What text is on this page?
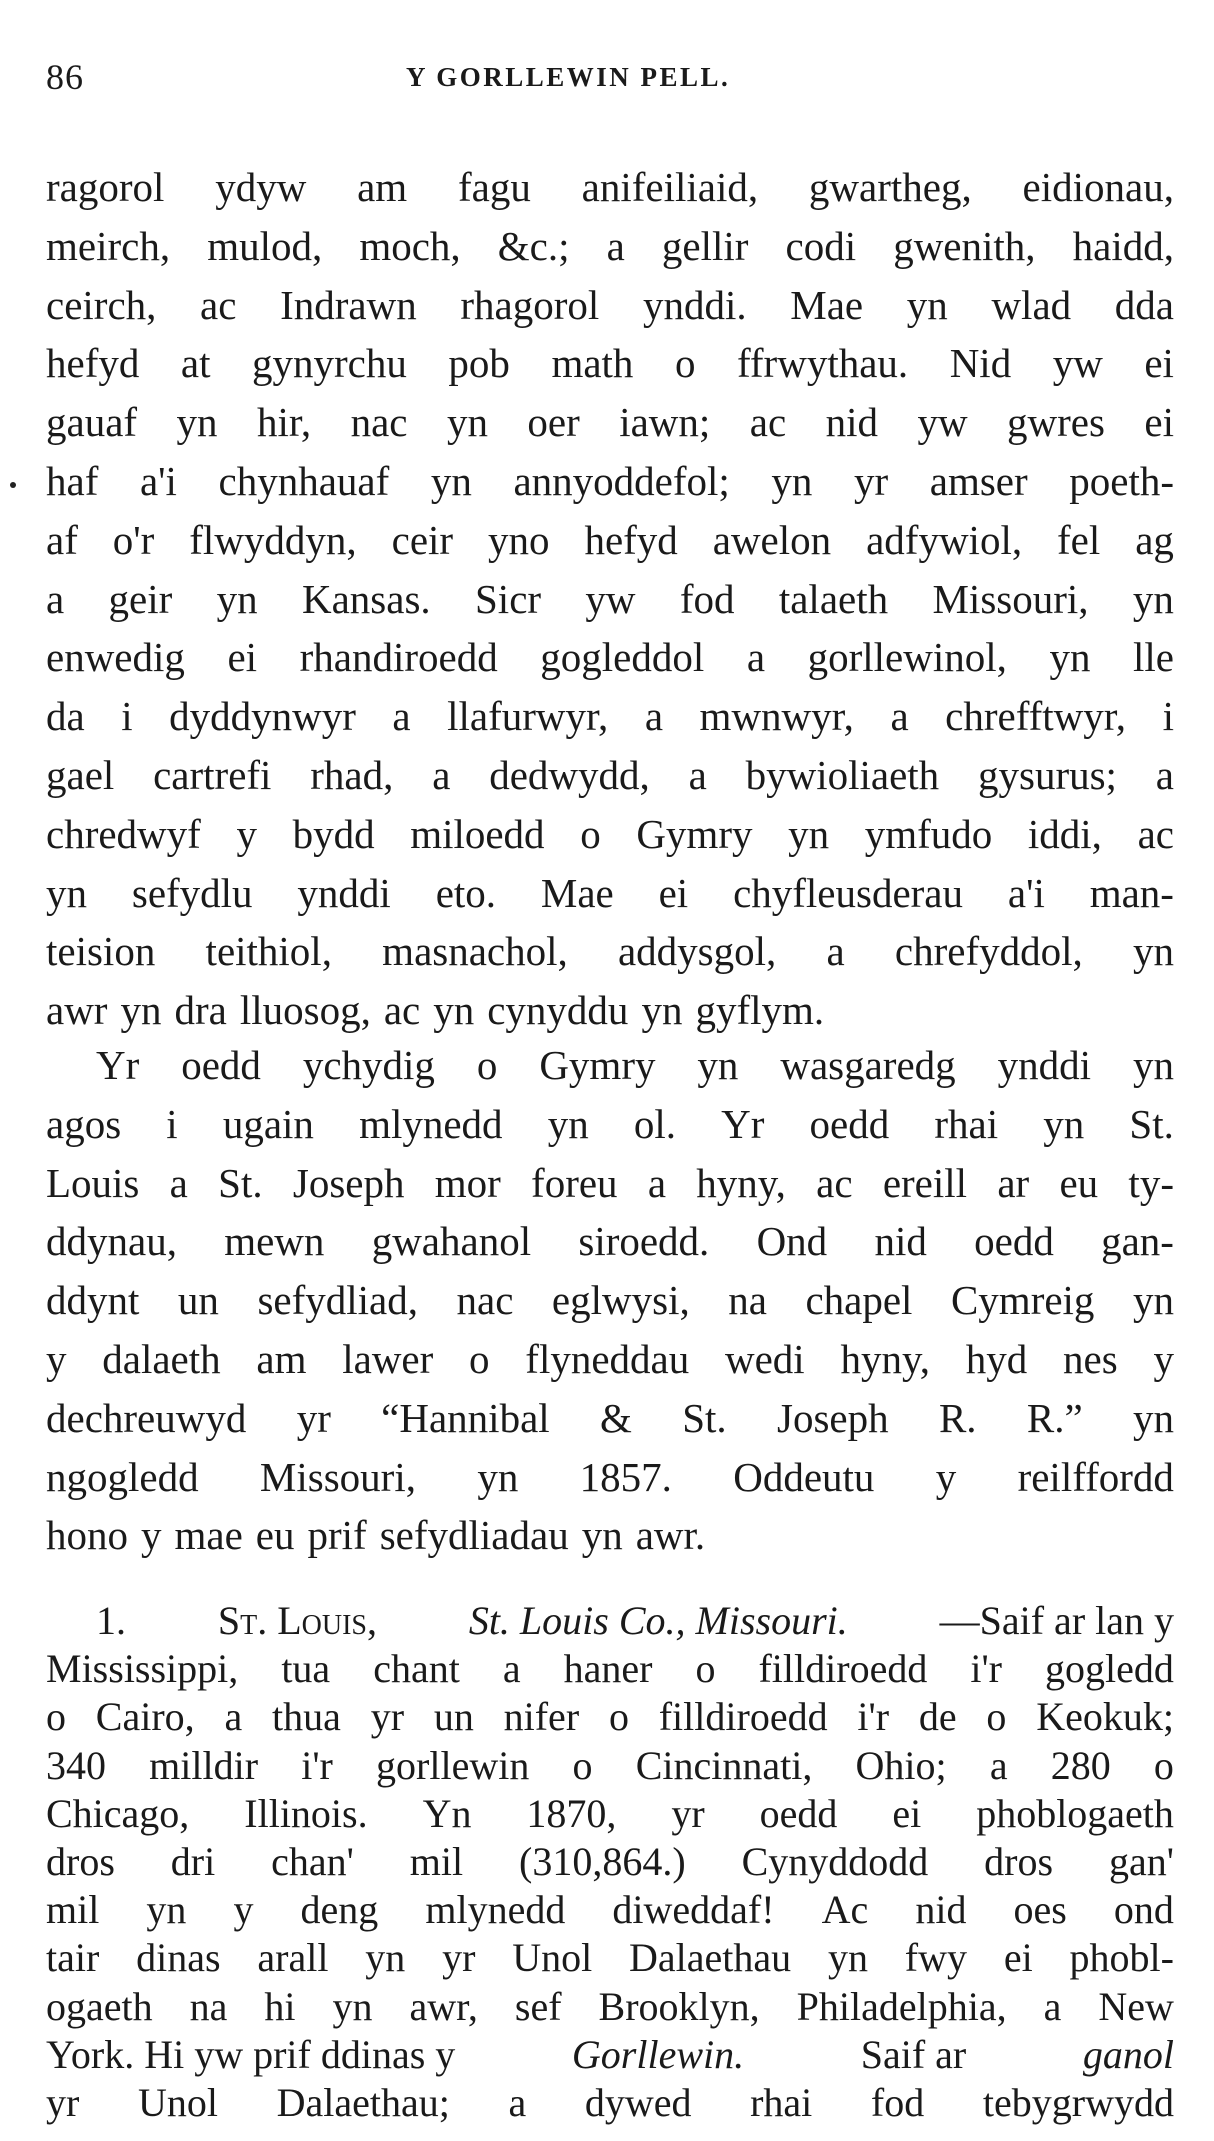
86	Y GORLLEWIN PELL.
ragorol ydyw am fagu anifeiliaid, gwartheg, eidionau,
meirch, mulod, moch, &c.; a gellir codi gwenith, haidd,
ceirch, ac Indrawn rhagorol ynddi. Mae yn wlad dda
hefyd at gynyrchu pob math o ffrwythau. Nid yw ei
gauaf yn hir, nac yn oer iawn; ac nid yw gwres ei
haf a'i chynhauaf yn annyoddefol; yn yr amser poeth-
af o'r flwyddyn, ceir yno hefyd awelon adfywiol, fel ag
a geir yn Kansas. Sicr yw fod talaeth Missouri, yn
enwedig ei rhandiroedd gogleddol a gorllewinol, yn lle
da i dyddynwyr a llafurwyr, a mwnwyr, a chrefftwyr, i
gael cartrefi rhad, a dedwydd, a bywioliaeth gysurus; a
chredwyf y bydd miloedd o Gymry yn ymfudo iddi, ac
yn sefydlu ynddi eto. Mae ei chyfleusderau a'i man-
teision teithiol, masnachol, addysgol, a chrefyddol, yn
awr yn dra lluosog, ac yn cynyddu yn gyflym.
Yr oedd ychydig o Gymry yn wasgaredg ynddi yn
agos i ugain mlynedd yn ol. Yr oedd rhai yn St.
Louis a St. Joseph mor foreu a hyny, ac ereill ar eu ty-
ddynau, mewn gwahanol siroedd. Ond nid oedd gan-
ddynt un sefydliad, nac eglwysi, na chapel Cymreig yn
y dalaeth am lawer o flyneddau wedi hyny, hyd nes y
dechreuwyd yr “Hannibal & St. Joseph R. R.” yn
ngogledd Missouri, yn 1857. Oddeutu y reilffordd
hono y mae eu prif sefydliadau yn awr.
1. St. Louis, St. Louis Co., Missouri. —Saif ar lan y
Mississippi, tua chant a haner o filldiroedd i'r gogledd
o Cairo, a thua yr un nifer o filldiroedd i'r de o Keokuk;
340 milldir i'r gorllewin o Cincinnati, Ohio; a 280 o
Chicago, Illinois. Yn 1870, yr oedd ei phoblogaeth
dros dri chan' mil (310,864.) Cynyddodd dros gan'
mil yn y deng mlynedd diweddaf! Ac nid oes ond
tair dinas arall yn yr Unol Dalaethau yn fwy ei phobl-
ogaeth na hi yn awr, sef Brooklyn, Philadelphia, a New
York. Hi yw prif ddinas y	Gorllewin.	Saif ar	ganol
yr Unol Dalaethau; a dywed rhai fod tebygrwydd
